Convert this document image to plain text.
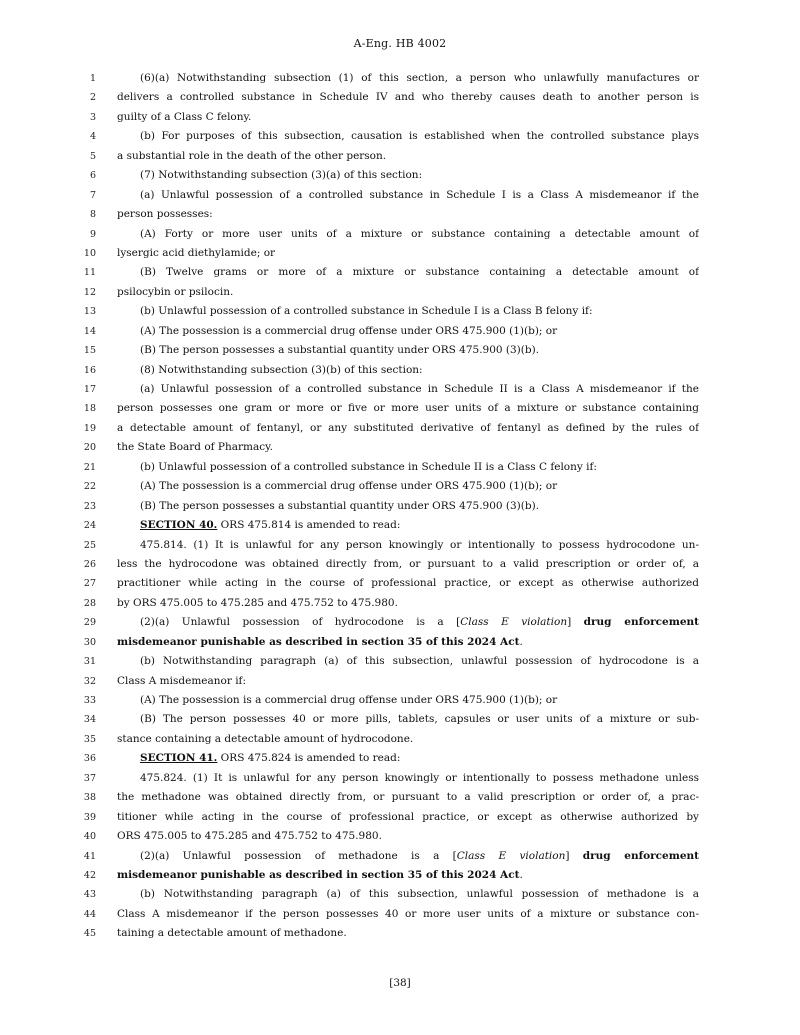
A-Eng. HB 4002
1	(6)(a) Notwithstanding subsection (1) of this section, a person who unlawfully manufactures or
2 delivers a controlled substance in Schedule IV and who thereby causes death to another person is
3 guilty of a Class C felony.
4	(b) For purposes of this subsection, causation is established when the controlled substance plays
5 a substantial role in the death of the other person.
6	(7) Notwithstanding subsection (3)(a) of this section:
7	(a) Unlawful possession of a controlled substance in Schedule I is a Class A misdemeanor if the
8 person possesses:
9	(A) Forty or more user units of a mixture or substance containing a detectable amount of
10 lysergic acid diethylamide; or
11	(B) Twelve grams or more of a mixture or substance containing a detectable amount of
12 psilocybin or psilocin.
13	(b) Unlawful possession of a controlled substance in Schedule I is a Class B felony if:
14	(A) The possession is a commercial drug offense under ORS 475.900 (1)(b); or
15	(B) The person possesses a substantial quantity under ORS 475.900 (3)(b).
16	(8) Notwithstanding subsection (3)(b) of this section:
17	(a) Unlawful possession of a controlled substance in Schedule II is a Class A misdemeanor if the
18 person possesses one gram or more or five or more user units of a mixture or substance containing
19 a detectable amount of fentanyl, or any substituted derivative of fentanyl as defined by the rules of
20 the State Board of Pharmacy.
21	(b) Unlawful possession of a controlled substance in Schedule II is a Class C felony if:
22	(A) The possession is a commercial drug offense under ORS 475.900 (1)(b); or
23	(B) The person possesses a substantial quantity under ORS 475.900 (3)(b).
24	SECTION 40. ORS 475.814 is amended to read:
25	475.814. (1) It is unlawful for any person knowingly or intentionally to possess hydrocodone un-
26 less the hydrocodone was obtained directly from, or pursuant to a valid prescription or order of, a
27 practitioner while acting in the course of professional practice, or except as otherwise authorized
28 by ORS 475.005 to 475.285 and 475.752 to 475.980.
29	(2)(a) Unlawful possession of hydrocodone is a [Class E violation] drug enforcement
30 misdemeanor punishable as described in section 35 of this 2024 Act.
31	(b) Notwithstanding paragraph (a) of this subsection, unlawful possession of hydrocodone is a
32 Class A misdemeanor if:
33	(A) The possession is a commercial drug offense under ORS 475.900 (1)(b); or
34	(B) The person possesses 40 or more pills, tablets, capsules or user units of a mixture or sub-
35 stance containing a detectable amount of hydrocodone.
36	SECTION 41. ORS 475.824 is amended to read:
37	475.824. (1) It is unlawful for any person knowingly or intentionally to possess methadone unless
38 the methadone was obtained directly from, or pursuant to a valid prescription or order of, a prac-
39 titioner while acting in the course of professional practice, or except as otherwise authorized by
40 ORS 475.005 to 475.285 and 475.752 to 475.980.
41	(2)(a) Unlawful possession of methadone is a [Class E violation] drug enforcement
42 misdemeanor punishable as described in section 35 of this 2024 Act.
43	(b) Notwithstanding paragraph (a) of this subsection, unlawful possession of methadone is a
44 Class A misdemeanor if the person possesses 40 or more user units of a mixture or substance con-
45 taining a detectable amount of methadone.
[38]
